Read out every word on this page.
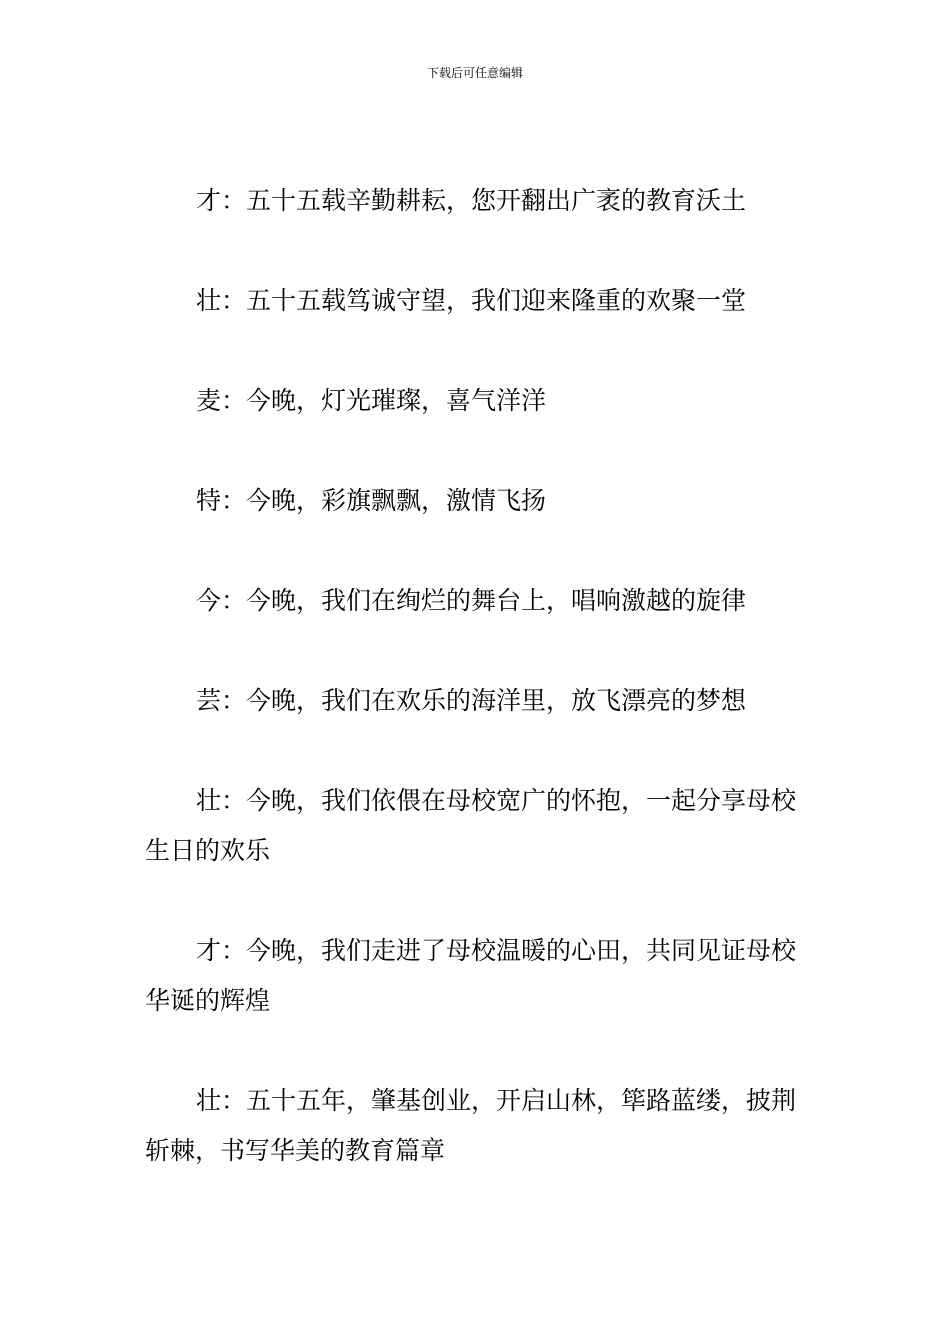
下载后可任意编辑

才：五十五载辛勤耕耘，您开翻出广袤的教育沃土

壮：五十五载笃诚守望，我们迎来隆重的欢聚一堂

麦：今晚，灯光璀璨，喜气洋洋

特：今晚，彩旗飘飘，激情飞扬

今：今晚，我们在绚烂的舞台上，唱响激越的旋律

芸：今晚，我们在欢乐的海洋里，放飞漂亮的梦想

壮：今晚，我们依偎在母校宽广的怀抱，一起分享母校生日的欢乐

才：今晚，我们走进了母校温暖的心田，共同见证母校华诞的辉煌

壮：五十五年，肇基创业，开启山林，筚路蓝缕，披荆斩棘，书写华美的教育篇章
